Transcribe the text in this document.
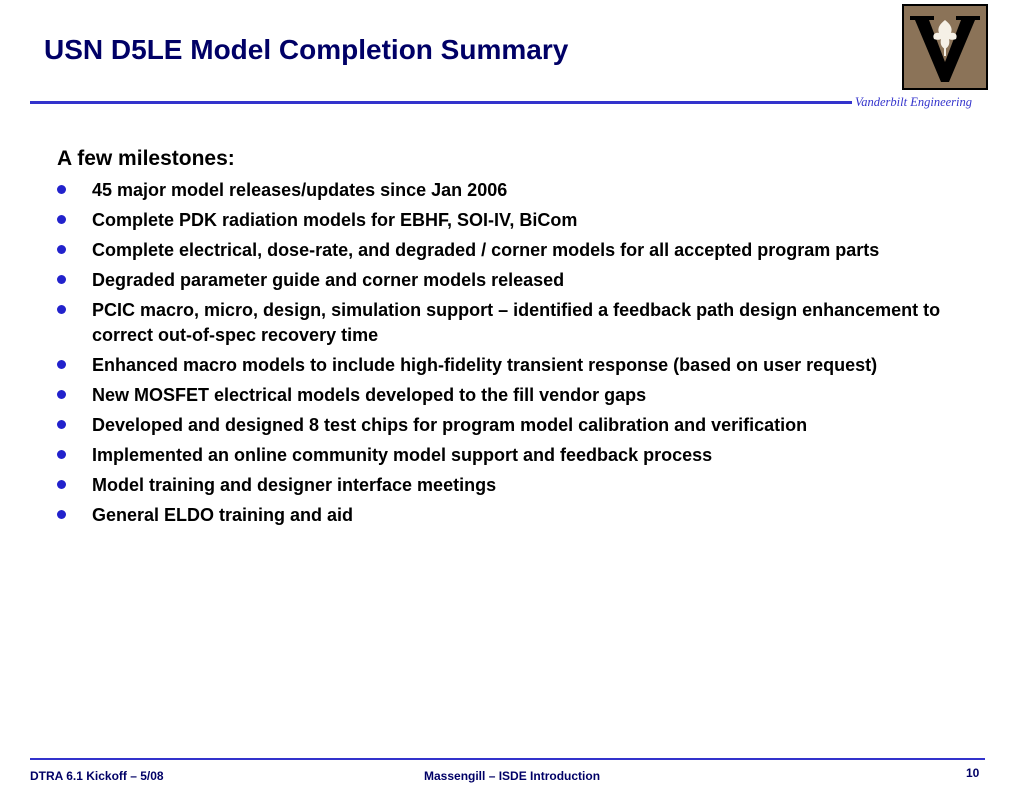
USN D5LE Model Completion Summary
Vanderbilt Engineering
A few milestones:
45 major model releases/updates since Jan 2006
Complete PDK radiation models for EBHF, SOI-IV, BiCom
Complete electrical, dose-rate, and degraded / corner models for all accepted program parts
Degraded parameter guide and corner models released
PCIC macro, micro, design, simulation support – identified a feedback path design enhancement to correct out-of-spec recovery time
Enhanced macro models to include high-fidelity transient response (based on user request)
New MOSFET electrical models developed to the fill vendor gaps
Developed and designed 8 test chips for program model calibration and verification
Implemented an online community model support and feedback process
Model training and designer interface meetings
General ELDO training and aid
DTRA 6.1 Kickoff – 5/08	Massengill – ISDE Introduction	10
